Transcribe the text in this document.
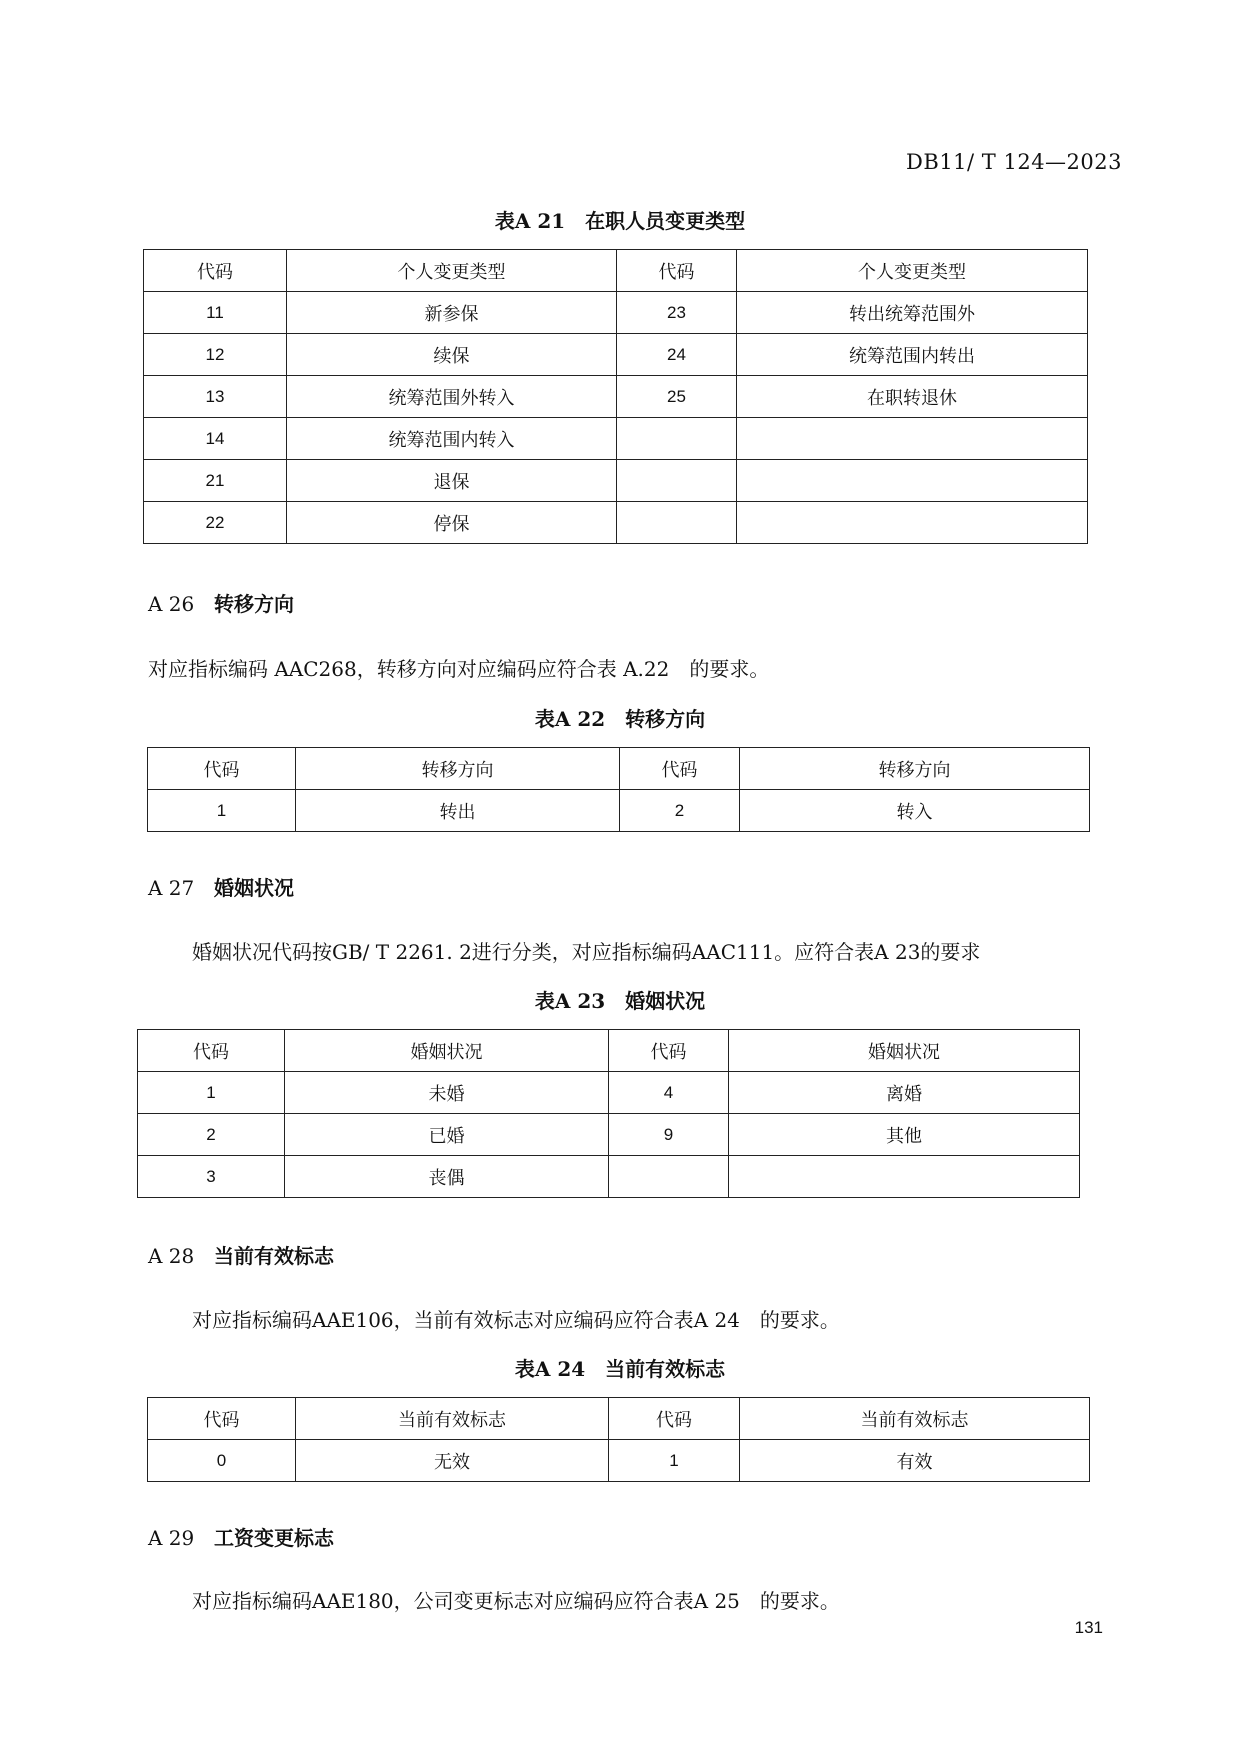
DB11/ T 124—2023
表A 21　在职人员变更类型
代码	个人变更类型	代码	个人变更类型
11	新参保	23	转出统筹范围外
12	续保	24	统筹范围内转出
13	统筹范围外转入	25	在职转退休
14	统筹范围内转入		
21	退保		
22	停保		
A 26 转移方向
对应指标编码 AAC268，转移方向对应编码应符合表 A.22　的要求。
表A 22　转移方向
代码	转移方向	代码	转移方向
1	转出	2	转入
A 27 婚姻状况
婚姻状况代码按GB/ T 2261. 2进行分类，对应指标编码AAC111。应符合表A 23的要求
表A 23　婚姻状况
代码	婚姻状况	代码	婚姻状况
1	未婚	4	离婚
2	已婚	9	其他
3	丧偶		
A 28 当前有效标志
对应指标编码AAE106，当前有效标志对应编码应符合表A 24　的要求。
表A 24　当前有效标志
代码	当前有效标志	代码	当前有效标志
0	无效	1	有效
A 29 工资变更标志
对应指标编码AAE180，公司变更标志对应编码应符合表A 25　的要求。
131
